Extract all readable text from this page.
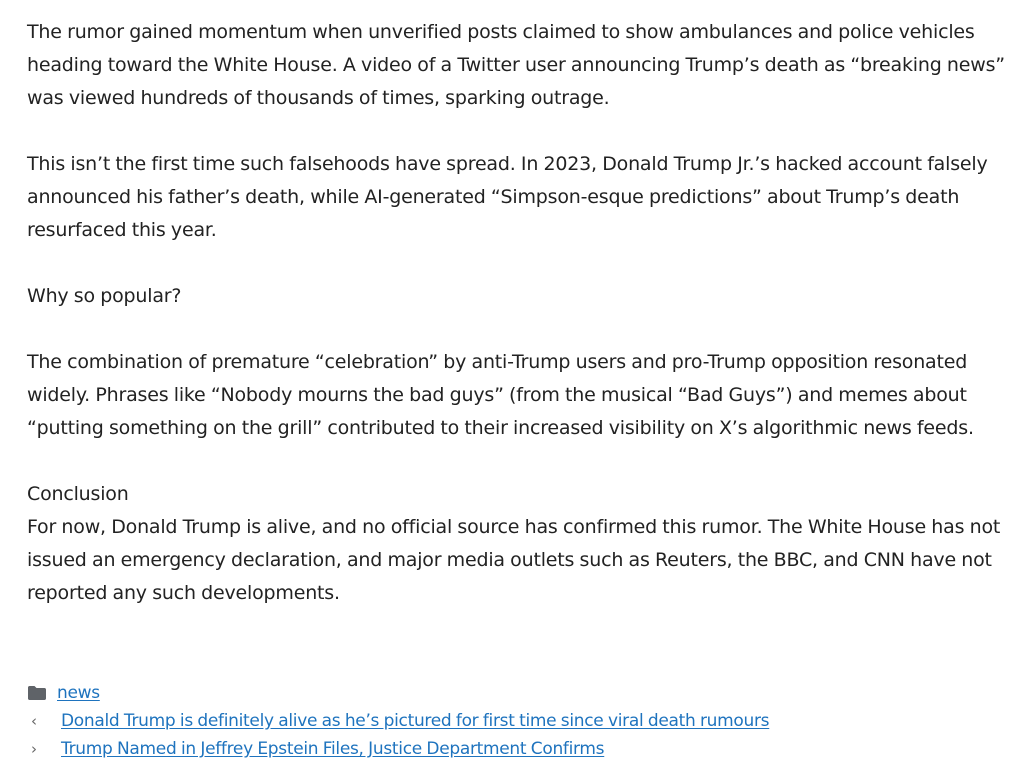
The rumor gained momentum when unverified posts claimed to show ambulances and police vehicles heading toward the White House. A video of a Twitter user announcing Trump’s death as “breaking news” was viewed hundreds of thousands of times, sparking outrage.

This isn’t the first time such falsehoods have spread. In 2023, Donald Trump Jr.’s hacked account falsely announced his father’s death, while AI-generated “Simpson-esque predictions” about Trump’s death resurfaced this year.

Why so popular?

The combination of premature “celebration” by anti-Trump users and pro-Trump opposition resonated widely. Phrases like “Nobody mourns the bad guys” (from the musical “Bad Guys”) and memes about “putting something on the grill” contributed to their increased visibility on X’s algorithmic news feeds.

Conclusion

For now, Donald Trump is alive, and no official source has confirmed this rumor. The White House has not issued an emergency declaration, and major media outlets such as Reuters, the BBC, and CNN have not reported any such developments.

news
‹	Donald Trump is definitely alive as he’s pictured for first time since viral death rumours
›	Trump Named in Jeffrey Epstein Files, Justice Department Confirms
